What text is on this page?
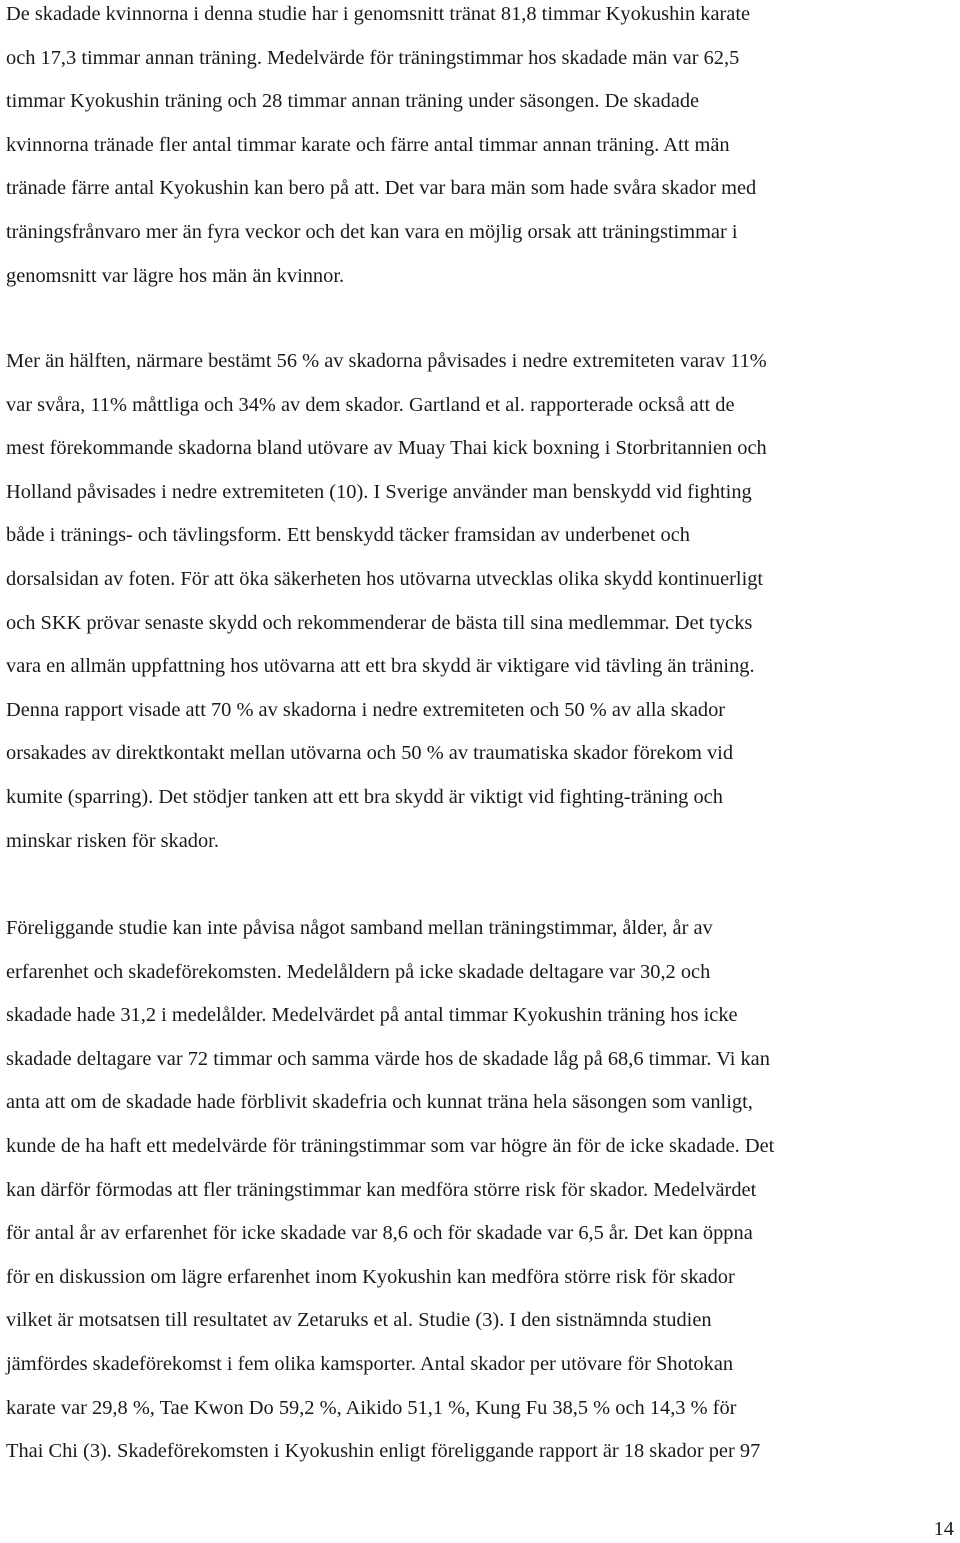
De skadade kvinnorna i denna studie har i genomsnitt tränat 81,8 timmar Kyokushin karate
och 17,3 timmar annan träning. Medelvärde för träningstimmar hos skadade män var 62,5
timmar Kyokushin träning och 28 timmar annan träning under säsongen. De skadade
kvinnorna tränade fler antal timmar karate och färre antal timmar annan träning. Att män
tränade färre antal Kyokushin kan bero på att. Det var bara män som hade svåra skador med
träningsfrånvaro mer än fyra veckor och det kan vara en möjlig orsak att träningstimmar i
genomsnitt var lägre hos män än kvinnor.

Mer än hälften, närmare bestämt 56 % av skadorna påvisades i nedre extremiteten varav 11%
var svåra, 11% måttliga och 34% av dem skador. Gartland et al. rapporterade också att de
mest förekommande skadorna bland utövare av Muay Thai kick boxning i Storbritannien och
Holland påvisades i nedre extremiteten (10). I Sverige använder man benskydd vid fighting
både i tränings- och tävlingsform. Ett benskydd täcker framsidan av underbenet och
dorsalsidan av foten. För att öka säkerheten hos utövarna utvecklas olika skydd kontinuerligt
och SKK prövar senaste skydd och rekommenderar de bästa till sina medlemmar. Det tycks
vara en allmän uppfattning hos utövarna att ett bra skydd är viktigare vid tävling än träning.
Denna rapport visade att 70 % av skadorna i nedre extremiteten och 50 % av alla skador
orsakades av direktkontakt mellan utövarna och 50 % av traumatiska skador förekom vid
kumite (sparring). Det stödjer tanken att ett bra skydd är viktigt vid fighting-träning och
minskar risken för skador.

Föreliggande studie kan inte påvisa något samband mellan träningstimmar, ålder, år av
erfarenhet och skadeförekomsten. Medelåldern på icke skadade deltagare var 30,2 och
skadade hade 31,2 i medelålder. Medelvärdet på antal timmar Kyokushin träning hos icke
skadade deltagare var 72 timmar och samma värde hos de skadade låg på 68,6 timmar. Vi kan
anta att om de skadade hade förblivit skadefria och kunnat träna hela säsongen som vanligt,
kunde de ha haft ett medelvärde för träningstimmar som var högre än för de icke skadade. Det
kan därför förmodas att fler träningstimmar kan medföra större risk för skador. Medelvärdet
för antal år av erfarenhet för icke skadade var 8,6 och för skadade var 6,5 år. Det kan öppna
för en diskussion om lägre erfarenhet inom Kyokushin kan medföra större risk för skador
vilket är motsatsen till resultatet av Zetaruks et al. Studie (3). I den sistnämnda studien
jämfördes skadeförekomst i fem olika kamsporter. Antal skador per utövare för Shotokan
karate var 29,8 %, Tae Kwon Do 59,2 %, Aikido 51,1 %, Kung Fu 38,5 % och 14,3 % för
Thai Chi (3). Skadeförekomsten i Kyokushin enligt föreliggande rapport är 18 skador per 97

14
